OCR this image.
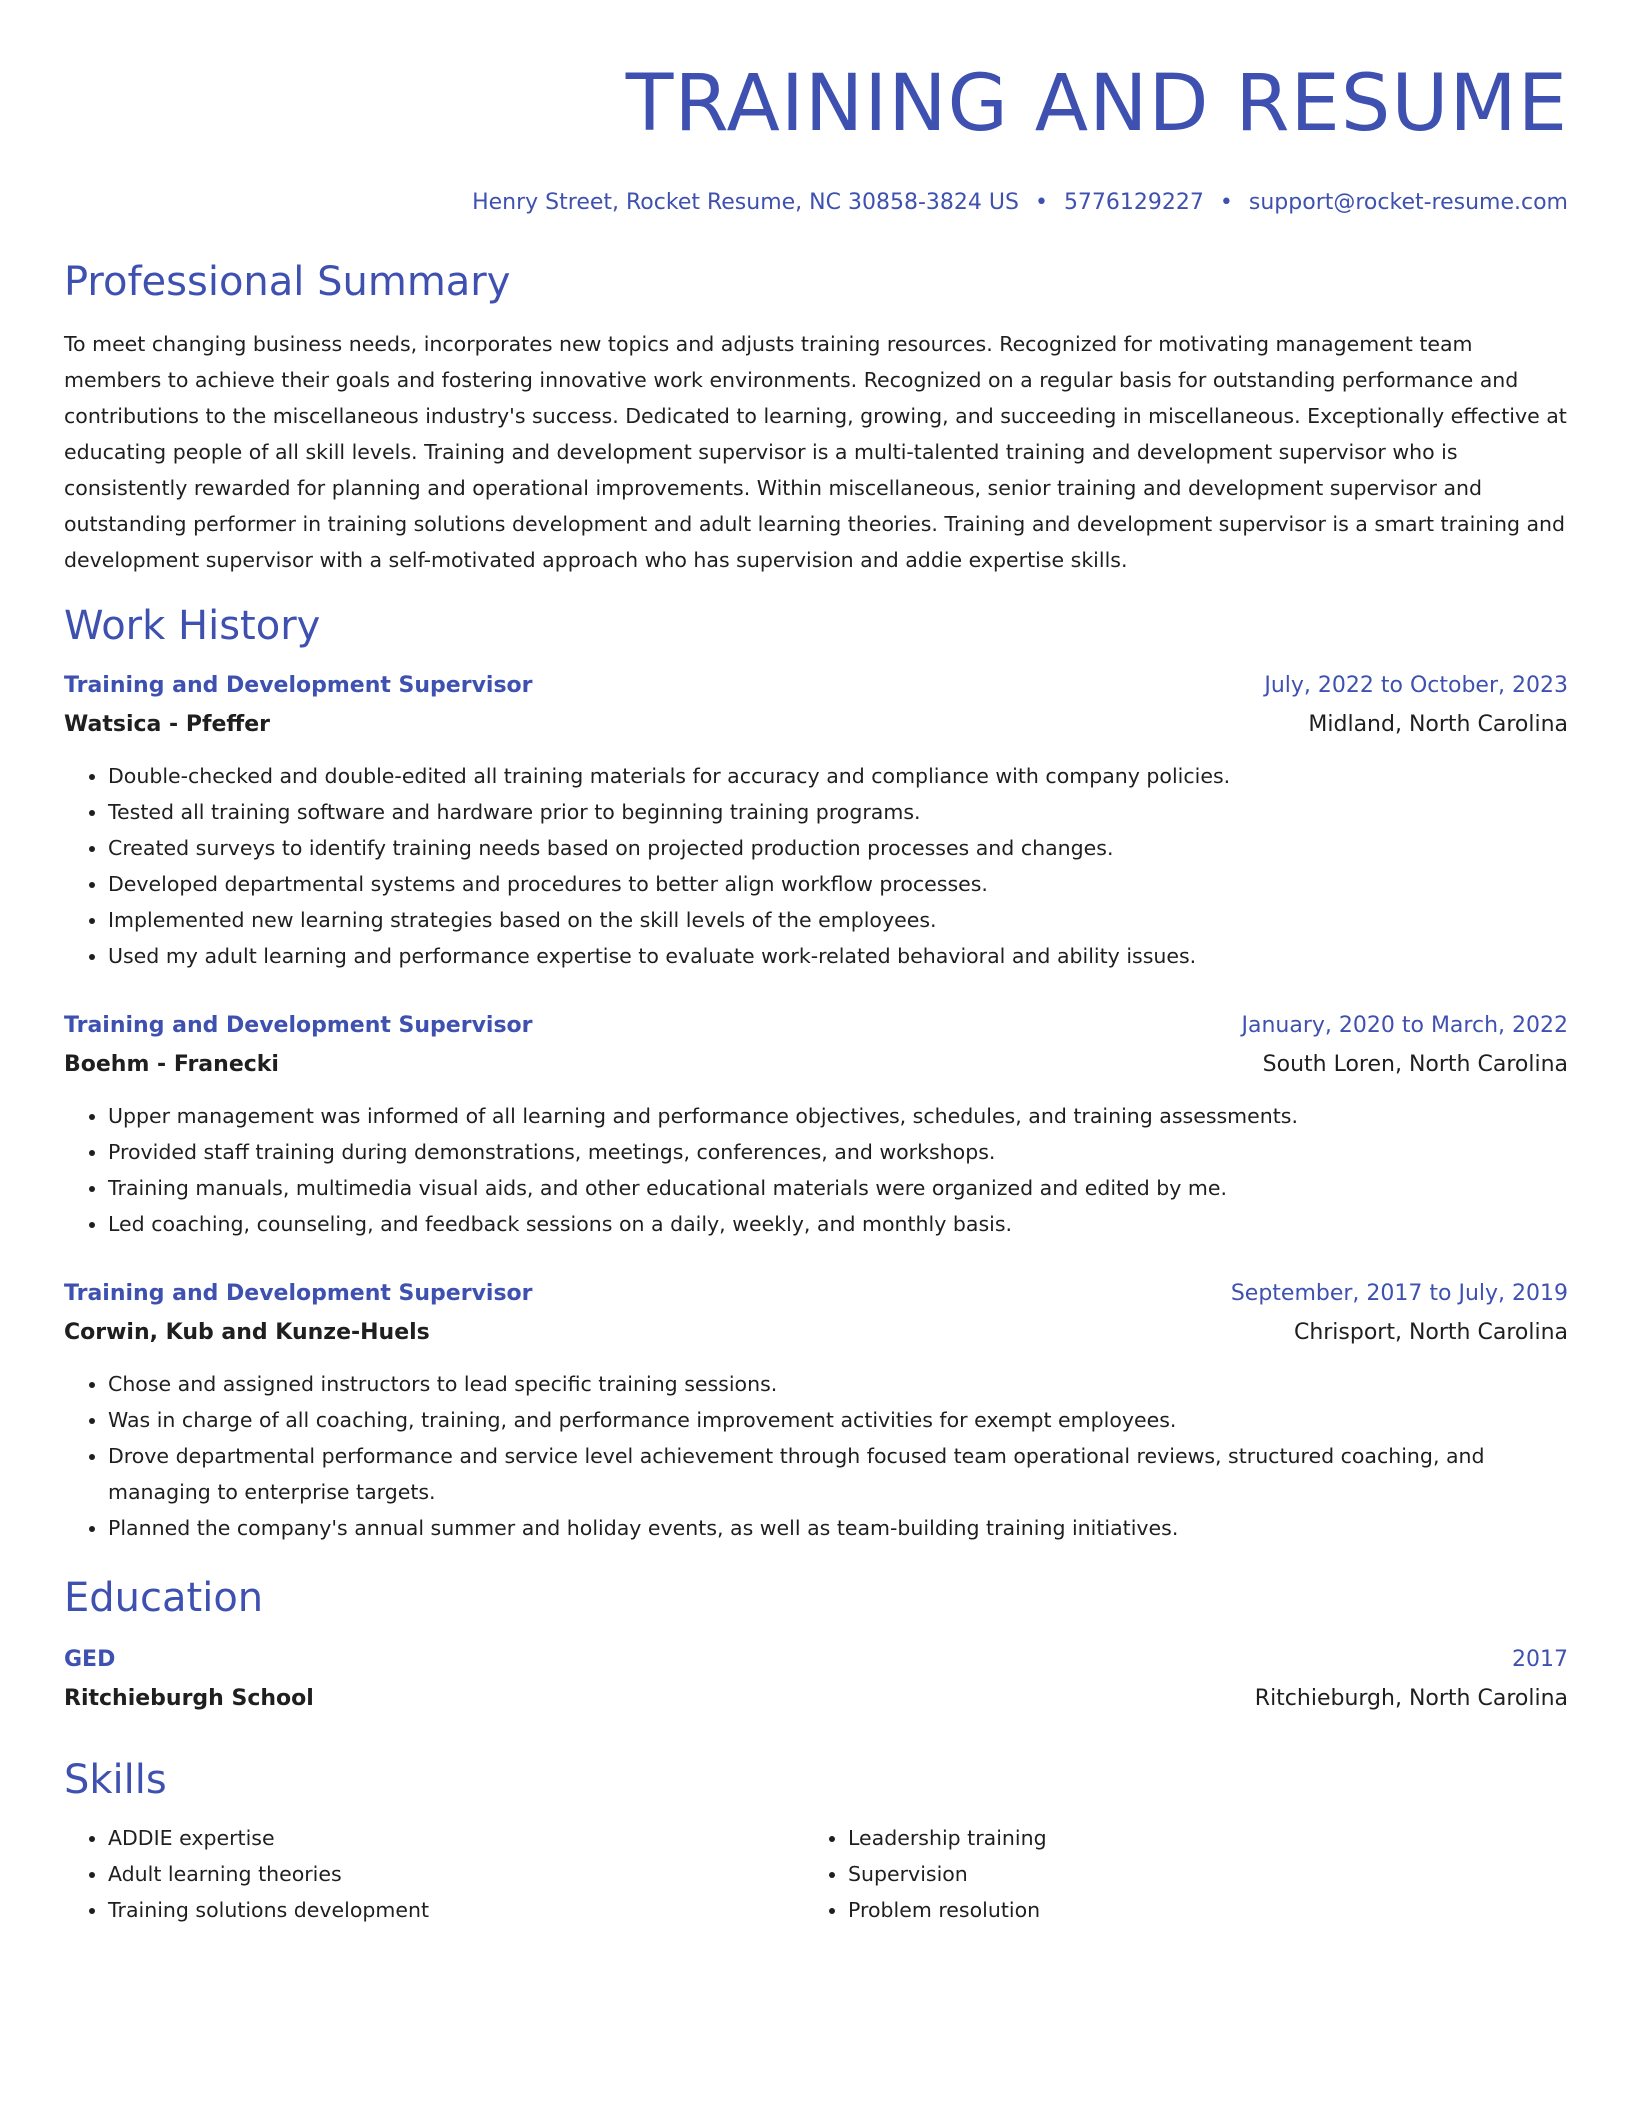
TRAINING AND RESUME
Henry Street, Rocket Resume, NC 30858-3824 US • 5776129227 • support@rocket-resume.com
Professional Summary
To meet changing business needs, incorporates new topics and adjusts training resources. Recognized for motivating management team members to achieve their goals and fostering innovative work environments. Recognized on a regular basis for outstanding performance and contributions to the miscellaneous industry's success. Dedicated to learning, growing, and succeeding in miscellaneous. Exceptionally effective at educating people of all skill levels. Training and development supervisor is a multi-talented training and development supervisor who is consistently rewarded for planning and operational improvements. Within miscellaneous, senior training and development supervisor and outstanding performer in training solutions development and adult learning theories. Training and development supervisor is a smart training and development supervisor with a self-motivated approach who has supervision and addie expertise skills.
Work History
Training and Development Supervisor	July, 2022 to October, 2023
Watsica - Pfeffer	Midland, North Carolina
• Double-checked and double-edited all training materials for accuracy and compliance with company policies.
• Tested all training software and hardware prior to beginning training programs.
• Created surveys to identify training needs based on projected production processes and changes.
• Developed departmental systems and procedures to better align workflow processes.
• Implemented new learning strategies based on the skill levels of the employees.
• Used my adult learning and performance expertise to evaluate work-related behavioral and ability issues.
Training and Development Supervisor	January, 2020 to March, 2022
Boehm - Franecki	South Loren, North Carolina
• Upper management was informed of all learning and performance objectives, schedules, and training assessments.
• Provided staff training during demonstrations, meetings, conferences, and workshops.
• Training manuals, multimedia visual aids, and other educational materials were organized and edited by me.
• Led coaching, counseling, and feedback sessions on a daily, weekly, and monthly basis.
Training and Development Supervisor	September, 2017 to July, 2019
Corwin, Kub and Kunze-Huels	Chrisport, North Carolina
• Chose and assigned instructors to lead specific training sessions.
• Was in charge of all coaching, training, and performance improvement activities for exempt employees.
• Drove departmental performance and service level achievement through focused team operational reviews, structured coaching, and managing to enterprise targets.
• Planned the company's annual summer and holiday events, as well as team-building training initiatives.
Education
GED	2017
Ritchieburgh School	Ritchieburgh, North Carolina
Skills
• ADDIE expertise
• Adult learning theories
• Training solutions development
• Leadership training
• Supervision
• Problem resolution
